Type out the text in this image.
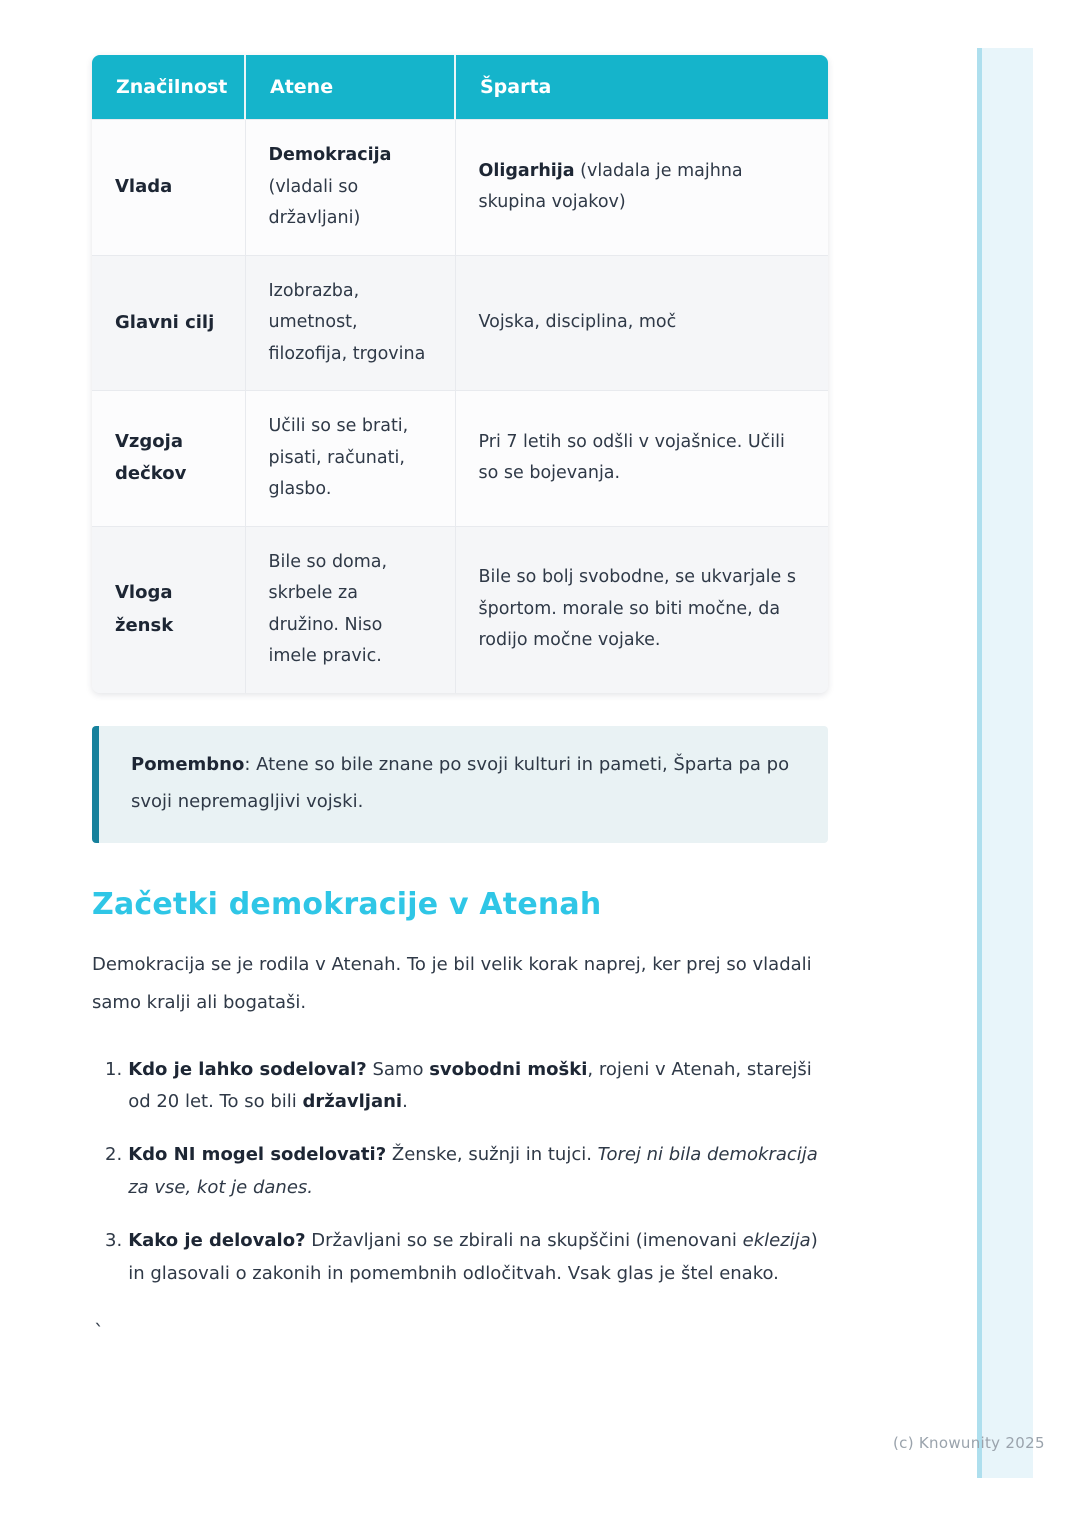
(c) Knowunity 2025
Značilnost	Atene	Šparta
Vlada	Demokracija (vladali so državljani)	Oligarhija (vladala je majhna skupina vojakov)
Glavni cilj	Izobrazba, umetnost, filozofija, trgovina	Vojska, disciplina, moč
Vzgoja dečkov	Učili so se brati, pisati, računati, glasbo.	Pri 7 letih so odšli v vojašnice. Učili so se bojevanja.
Vloga žensk	Bile so doma, skrbele za družino. Niso imele pravic.	Bile so bolj svobodne, se ukvarjale s športom. morale so biti močne, da rodijo močne vojake.

Pomembno: Atene so bile znane po svoji kulturi in pameti, Šparta pa po svoji nepremagljivi vojski.

Začetki demokracije v Atenah

Demokracija se je rodila v Atenah. To je bil velik korak naprej, ker prej so vladali samo kralji ali bogataši.

1. Kdo je lahko sodeloval? Samo svobodni moški, rojeni v Atenah, starejši od 20 let. To so bili državljani.
2. Kdo NI mogel sodelovati? Ženske, sužnji in tujci. Torej ni bila demokracija za vse, kot je danes.
3. Kako je delovalo? Državljani so se zbirali na skupščini (imenovani eklezija) in glasovali o zakonih in pomembnih odločitvah. Vsak glas je štel enako.
`
